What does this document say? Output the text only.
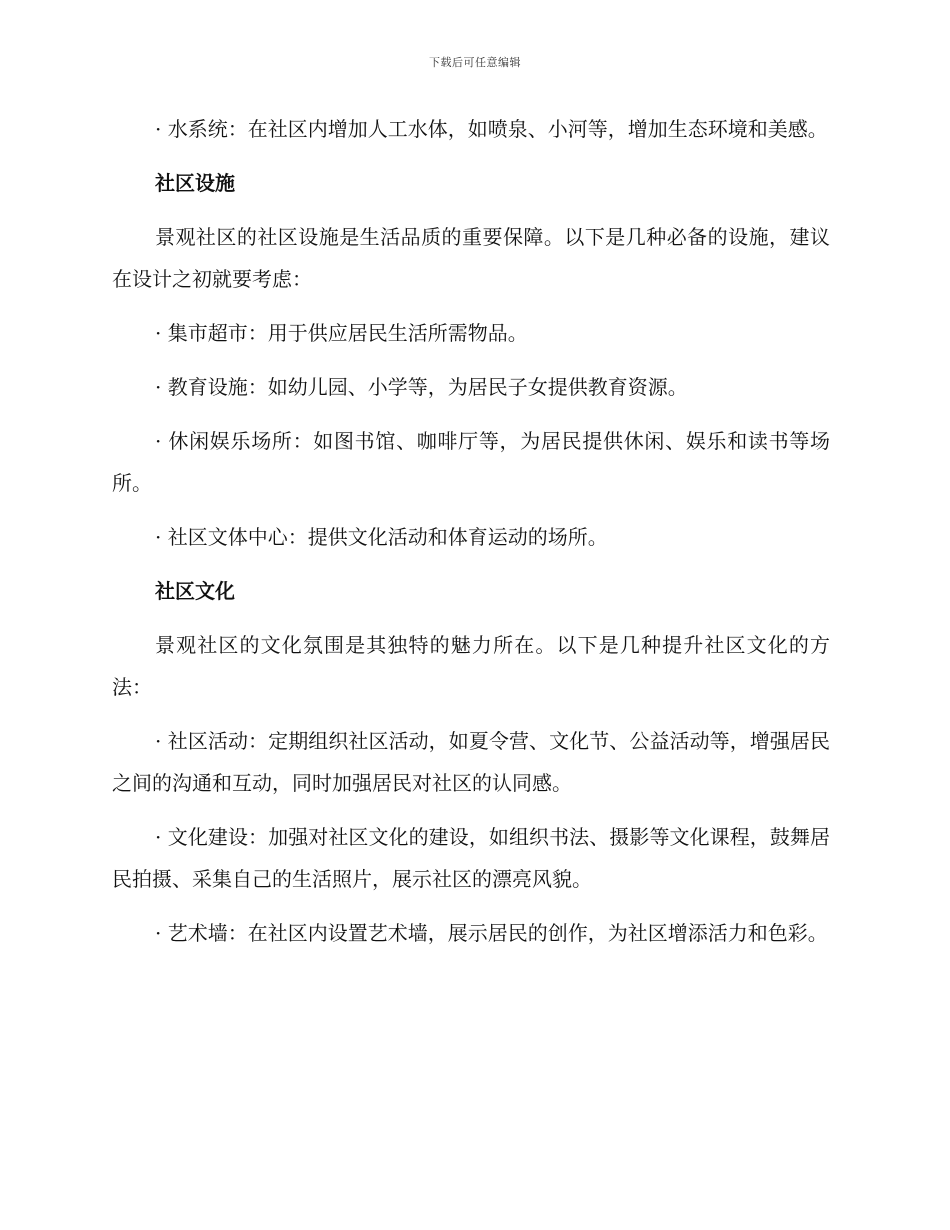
下载后可任意编辑

· 水系统：在社区内增加人工水体，如喷泉、小河等，增加生态环境和美感。

社区设施

景观社区的社区设施是生活品质的重要保障。以下是几种必备的设施，建议在设计之初就要考虑：

· 集市超市：用于供应居民生活所需物品。

· 教育设施：如幼儿园、小学等，为居民子女提供教育资源。

· 休闲娱乐场所：如图书馆、咖啡厅等，为居民提供休闲、娱乐和读书等场所。

· 社区文体中心：提供文化活动和体育运动的场所。

社区文化

景观社区的文化氛围是其独特的魅力所在。以下是几种提升社区文化的方法：

· 社区活动：定期组织社区活动，如夏令营、文化节、公益活动等，增强居民之间的沟通和互动，同时加强居民对社区的认同感。

· 文化建设：加强对社区文化的建设，如组织书法、摄影等文化课程，鼓舞居民拍摄、采集自己的生活照片，展示社区的漂亮风貌。

· 艺术墙：在社区内设置艺术墙，展示居民的创作，为社区增添活力和色彩。
